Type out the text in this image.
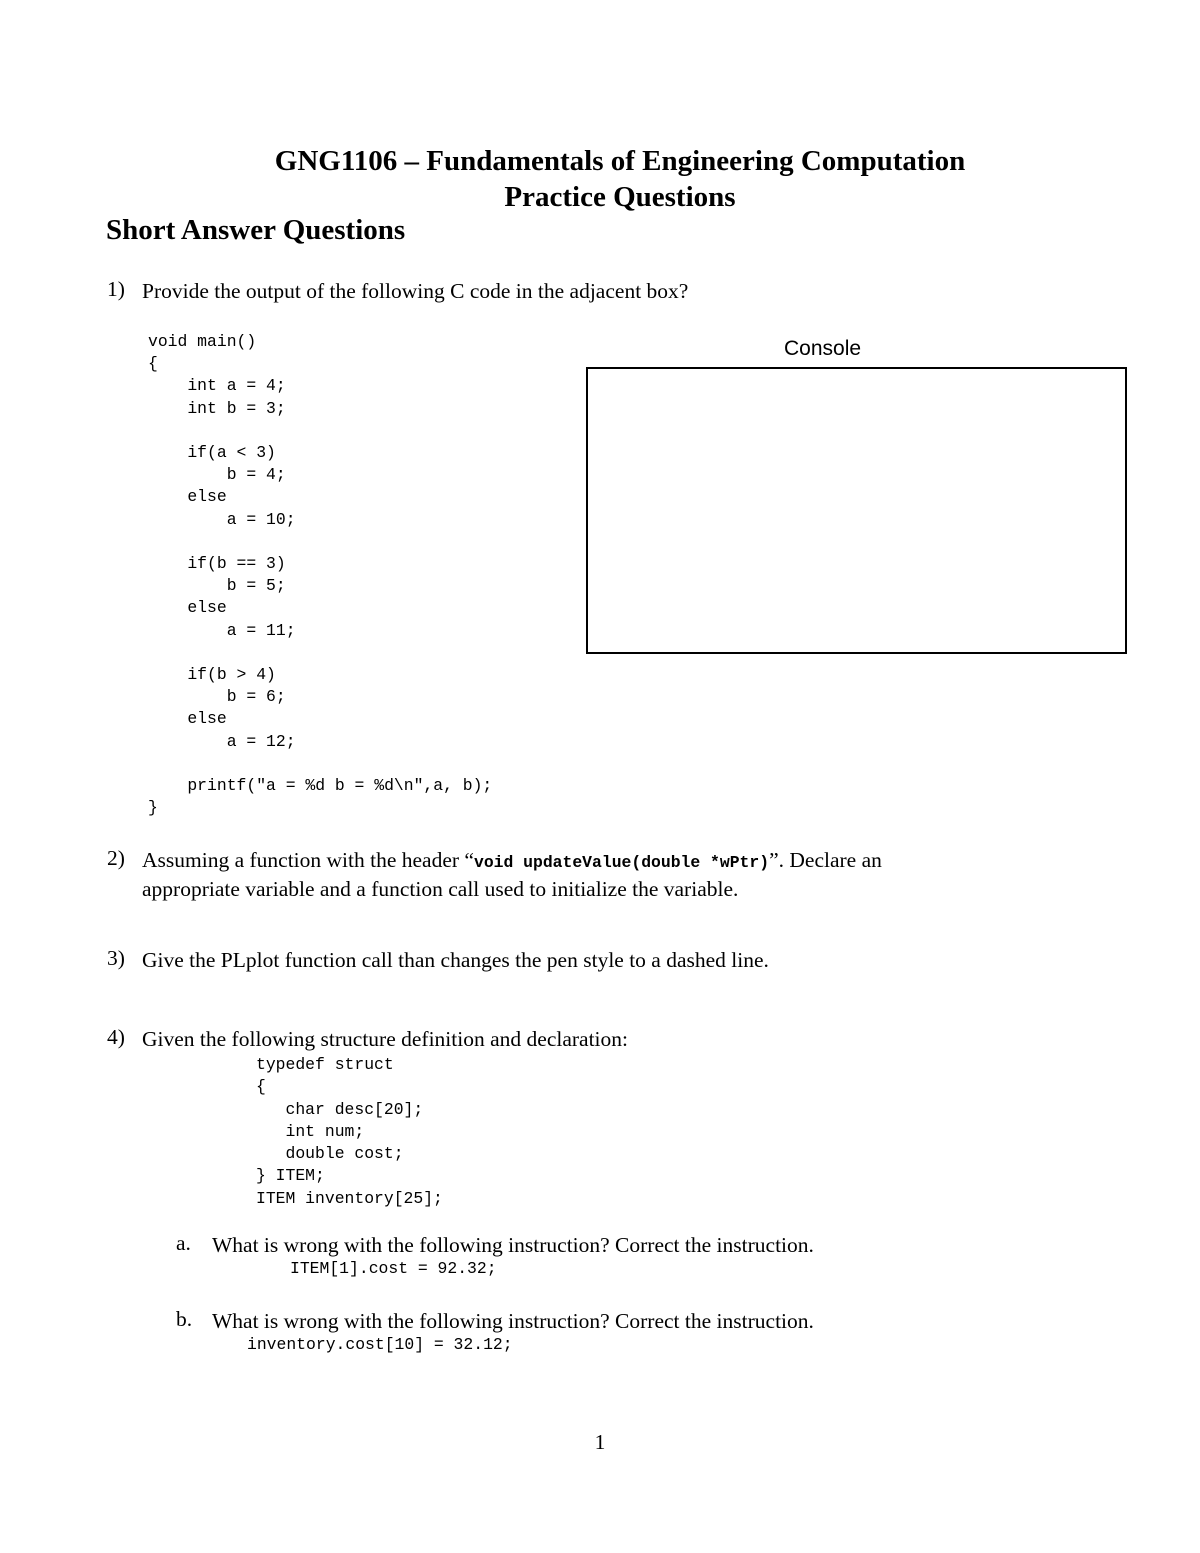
GNG1106 – Fundamentals of Engineering Computation
Practice Questions
Short Answer Questions
1) Provide the output of the following C code in the adjacent box?
void main()
{
int a = 4;
int b = 3;

if(a < 3)
b = 4;
else
a = 10;

if(b == 3)
b = 5;
else
a = 11;

if(b > 4)
b = 6;
else
a = 12;

printf("a = %d b = %d\n",a, b);
}
Console
2) Assuming a function with the header “void updateValue(double *wPtr)”. Declare an
appropriate variable and a function call used to initialize the variable.
3) Give the PLplot function call than changes the pen style to a dashed line.
4) Given the following structure definition and declaration:
typedef struct
{
char desc[20];
int num;
double cost;
} ITEM;
ITEM inventory[25];
a. What is wrong with the following instruction? Correct the instruction.
ITEM[1].cost = 92.32;
b. What is wrong with the following instruction? Correct the instruction.
inventory.cost[10] = 32.12;
1
